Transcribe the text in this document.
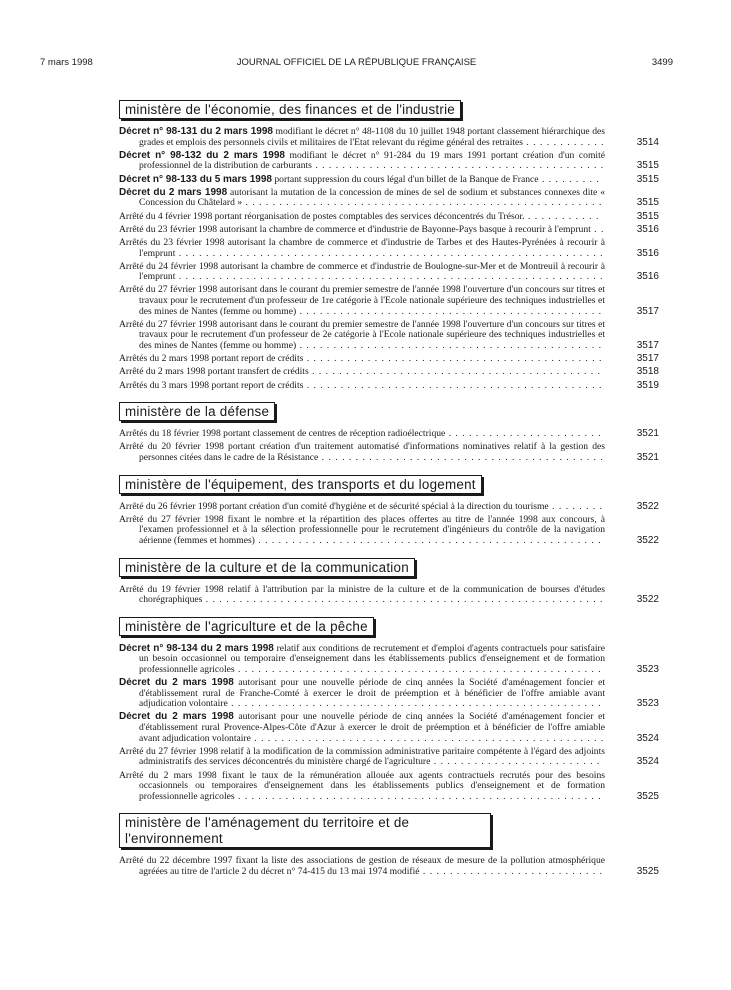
7 mars 1998	JOURNAL OFFICIEL DE LA RÉPUBLIQUE FRANÇAISE	3499
ministère de l'économie, des finances et de l'industrie
Décret n° 98-131 du 2 mars 1998 modifiant le décret n° 48-1108 du 10 juillet 1948 portant classement hiérarchique des grades et emplois des personnels civils et militaires de l'Etat relevant du régime général des retraites . . . . . . . . . . . .	3514
Décret n° 98-132 du 2 mars 1998 modifiant le décret n° 91-284 du 19 mars 1991 portant création d'un comité professionnel de la distribution de carburants . . . . . . . . . . . . . . . . . . . . . . . . . . . . . . . . . . . . . . . . . . .	3515
Décret n° 98-133 du 5 mars 1998 portant suppression du cours légal d'un billet de la Banque de France . . . . . . . . .	3515
Décret du 2 mars 1998 autorisant la mutation de la concession de mines de sel de sodium et substances connexes dite « Concession du Châtelard » . . . . . . . . . . . . . . . . . . . . . . . . . . . . . . . . . . . . . . . . . . . . . . . . . . . . .	3515
Arrêté du 4 février 1998 portant réorganisation de postes comptables des services déconcentrés du Trésor. . . . . . . . . . . .	3515
Arrêté du 23 février 1998 autorisant la chambre de commerce et d'industrie de Bayonne-Pays basque à recourir à l'emprunt . .	3516
Arrêtés du 23 février 1998 autorisant la chambre de commerce et d'industrie de Tarbes et des Hautes-Pyrénées à recourir à l'emprunt . . . . . . . . . . . . . . . . . . . . . . . . . . . . . . . . . . . . . . . . . . . . . . . . . . . . . . . . . . . . . . .	3516
Arrêté du 24 février 1998 autorisant la chambre de commerce et d'industrie de Boulogne-sur-Mer et de Montreuil à recourir à l'emprunt . . . . . . . . . . . . . . . . . . . . . . . . . . . . . . . . . . . . . . . . . . . . . . . . . . . . . . . . . . . . . . .	3516
Arrêté du 27 février 1998 autorisant dans le courant du premier semestre de l'année 1998 l'ouverture d'un concours sur titres et travaux pour le recrutement d'un professeur de 1re catégorie à l'Ecole nationale supérieure des techniques industrielles et des mines de Nantes (femme ou homme) . . . . . . . . . . . . . . . . . . . . . . . . . . . . . . . . . . . . . . . . . . . . .	3517
Arrêté du 27 février 1998 autorisant dans le courant du premier semestre de l'année 1998 l'ouverture d'un concours sur titres et travaux pour le recrutement d'un professeur de 2e catégorie à l'Ecole nationale supérieure des techniques industrielles et des mines de Nantes (femme ou homme) . . . . . . . . . . . . . . . . . . . . . . . . . . . . . . . . . . . . . . . . . . . . .	3517
Arrêtés du 2 mars 1998 portant report de crédits . . . . . . . . . . . . . . . . . . . . . . . . . . . . . . . . . . . . . . . . . . . .	3517
Arrêté du 2 mars 1998 portant transfert de crédits . . . . . . . . . . . . . . . . . . . . . . . . . . . . . . . . . . . . . . . . . . .	3518
Arrêtés du 3 mars 1998 portant report de crédits . . . . . . . . . . . . . . . . . . . . . . . . . . . . . . . . . . . . . . . . . . . .	3519
ministère de la défense
Arrêtés du 18 février 1998 portant classement de centres de réception radioélectrique . . . . . . . . . . . . . . . . . . . . . . .	3521
Arrêté du 20 février 1998 portant création d'un traitement automatisé d'informations nominatives relatif à la gestion des personnes citées dans le cadre de la Résistance . . . . . . . . . . . . . . . . . . . . . . . . . . . . . . . . . . . . . . . . . .	3521
ministère de l'équipement, des transports et du logement
Arrêté du 26 février 1998 portant création d'un comité d'hygiène et de sécurité spécial à la direction du tourisme . . . . . . . .	3522
Arrêté du 27 février 1998 fixant le nombre et la répartition des places offertes au titre de l'année 1998 aux concours, à l'examen professionnel et à la sélection professionnelle pour le recrutement d'ingénieurs du contrôle de la navigation aérienne (femmes et hommes) . . . . . . . . . . . . . . . . . . . . . . . . . . . . . . . . . . . . . . . . . . . . . . . . . . .	3522
ministère de la culture et de la communication
Arrêté du 19 février 1998 relatif à l'attribution par la ministre de la culture et de la communication de bourses d'études chorégraphiques . . . . . . . . . . . . . . . . . . . . . . . . . . . . . . . . . . . . . . . . . . . . . . . . . . . . . . . . . . .	3522
ministère de l'agriculture et de la pêche
Décret n° 98-134 du 2 mars 1998 relatif aux conditions de recrutement et d'emploi d'agents contractuels pour satisfaire un besoin occasionnel ou temporaire d'enseignement dans les établissements publics d'enseignement et de formation professionnelle agricoles . . . . . . . . . . . . . . . . . . . . . . . . . . . . . . . . . . . . . . . . . . . . . . . . . . . . . .	3523
Décret du 2 mars 1998 autorisant pour une nouvelle période de cinq années la Société d'aménagement foncier et d'établissement rural de Franche-Comté à exercer le droit de préemption et à bénéficier de l'offre amiable avant adjudication volontaire . . . . . . . . . . . . . . . . . . . . . . . . . . . . . . . . . . . . . . . . . . . . . . . . . . . . . . .	3523
Décret du 2 mars 1998 autorisant pour une nouvelle période de cinq années la Société d'aménagement foncier et d'établissement rural Provence-Alpes-Côte d'Azur à exercer le droit de préemption et à bénéficier de l'offre amiable avant adjudication volontaire . . . . . . . . . . . . . . . . . . . . . . . . . . . . . . . . . . . . . . . . . . . . . . . . . . . .	3524
Arrêté du 27 février 1998 relatif à la modification de la commission administrative paritaire compétente à l'égard des adjoints administratifs des services déconcentrés du ministère chargé de l'agriculture . . . . . . . . . . . . . . . . . . . . . . . . .	3524
Arrêté du 2 mars 1998 fixant le taux de la rémunération allouée aux agents contractuels recrutés pour des besoins occasionnels ou temporaires d'enseignement dans les établissements publics d'enseignement et de formation professionnelle agricoles . . . . . . . . . . . . . . . . . . . . . . . . . . . . . . . . . . . . . . . . . . . . . . . . . . . . . .	3525
ministère de l'aménagement du territoire et de l'environnement
Arrêté du 22 décembre 1997 fixant la liste des associations de gestion de réseaux de mesure de la pollution atmosphérique agréées au titre de l'article 2 du décret n° 74-415 du 13 mai 1974 modifié . . . . . . . . . . . . . . . . . . . . . . . . . . .	3525
